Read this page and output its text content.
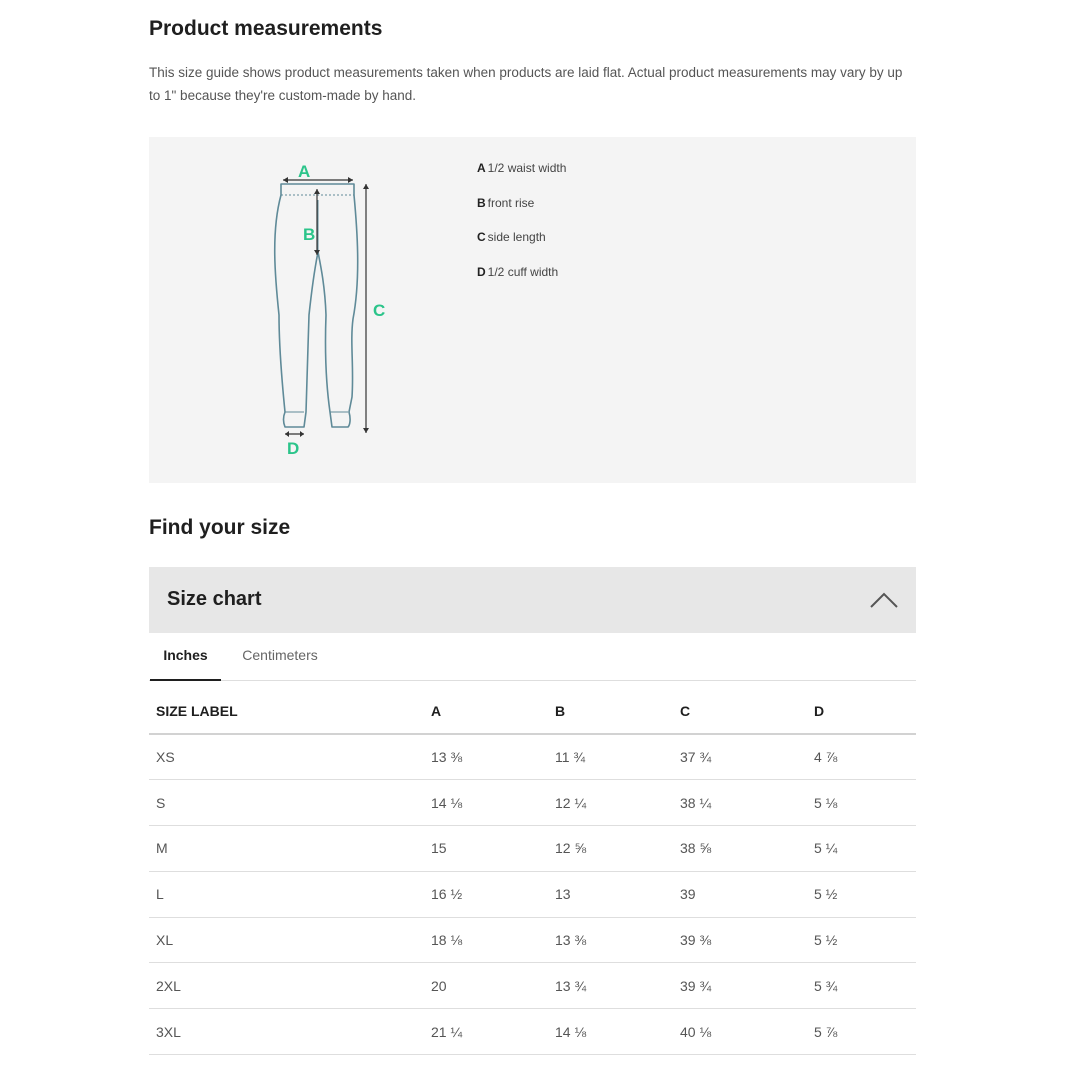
Product measurements

This size guide shows product measurements taken when products are laid flat. Actual product measurements may vary by up to 1" because they're custom-made by hand.

A
B
C
D
A 1/2 waist width
B front rise
C side length
D 1/2 cuff width
Find your size
Size chart
Inches	Centimeters
SIZE LABEL	A	B	C	D
XS	13 ⅜	11 ¾	37 ¾	4 ⅞
S	14 ⅛	12 ¼	38 ¼	5 ⅛
M	15	12 ⅝	38 ⅝	5 ¼
L	16 ½	13	39	5 ½
XL	18 ⅛	13 ⅜	39 ⅜	5 ½
2XL	20	13 ¾	39 ¾	5 ¾
3XL	21 ¼	14 ⅛	40 ⅛	5 ⅞
